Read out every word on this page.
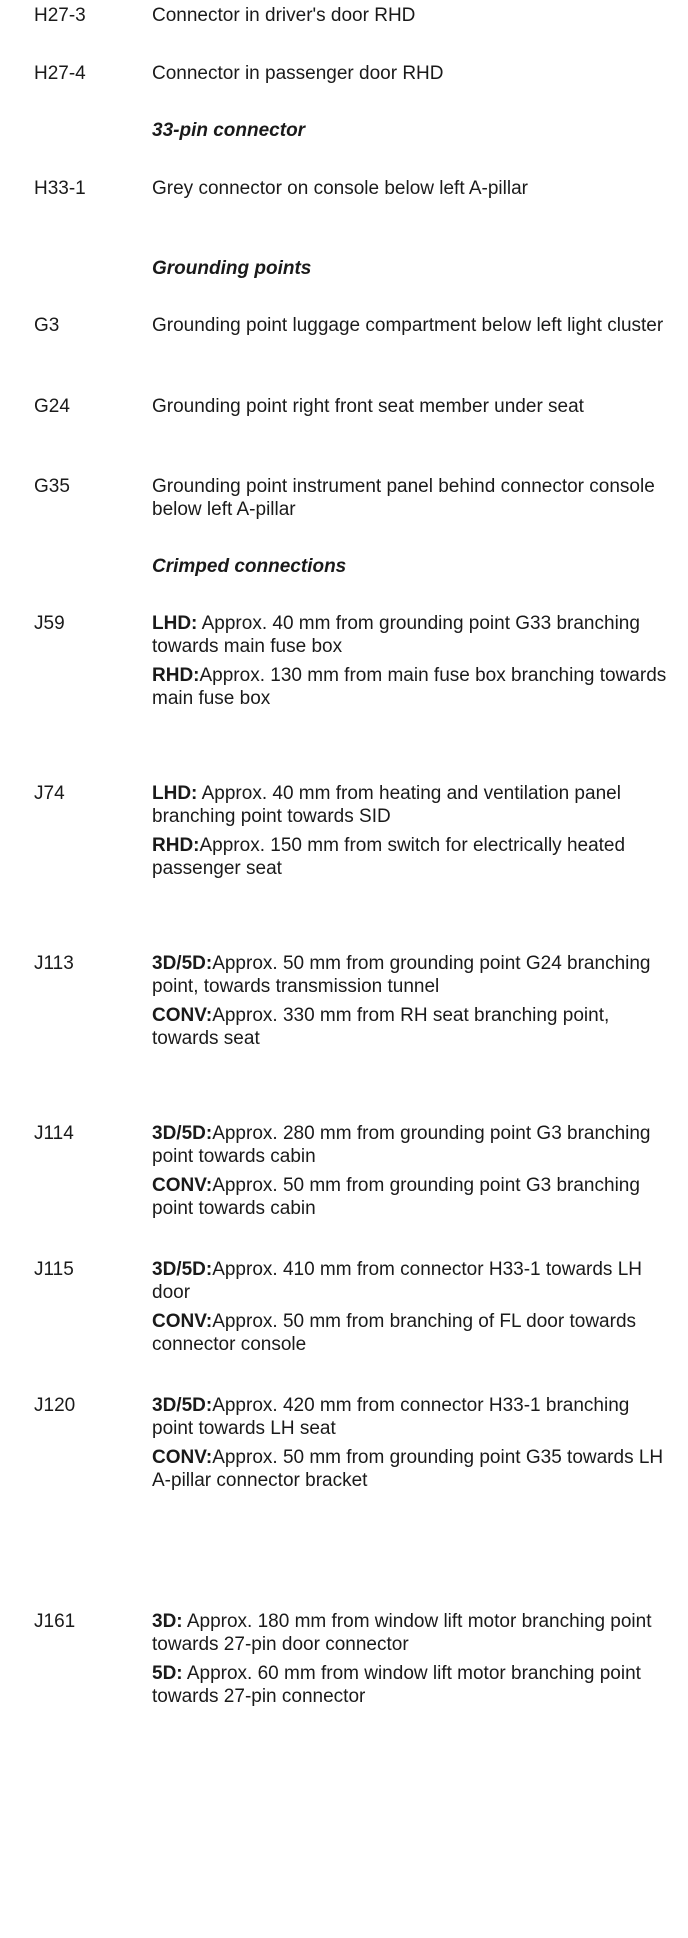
H27-3	Connector in driver's door RHD
H27-4	Connector in passenger door RHD
33-pin connector
H33-1	Grey connector on console below left A-pillar
Grounding points
G3	Grounding point luggage compartment below left light cluster
G24	Grounding point right front seat member under seat
G35	Grounding point instrument panel behind connector console below left A-pillar
Crimped connections
J59	LHD: Approx. 40 mm from grounding point G33 branching towards main fuse box
RHD:Approx. 130 mm from main fuse box branching towards main fuse box
J74	LHD: Approx. 40 mm from heating and ventilation panel branching point towards SID
RHD:Approx. 150 mm from switch for electrically heated passenger seat
J113	3D/5D:Approx. 50 mm from grounding point G24 branching point, towards transmission tunnel
CONV:Approx. 330 mm from RH seat branching point, towards seat
J114	3D/5D:Approx. 280 mm from grounding point G3 branching point towards cabin
CONV:Approx. 50 mm from grounding point G3 branching point towards cabin
J115	3D/5D:Approx. 410 mm from connector H33-1 towards LH door
CONV:Approx. 50 mm from branching of FL door towards connector console
J120	3D/5D:Approx. 420 mm from connector H33-1 branching point towards LH seat
CONV:Approx. 50 mm from grounding point G35 towards LH A-pillar connector bracket
J161	3D: Approx. 180 mm from window lift motor branching point towards 27-pin door connector
5D: Approx. 60 mm from window lift motor branching point towards 27-pin connector
